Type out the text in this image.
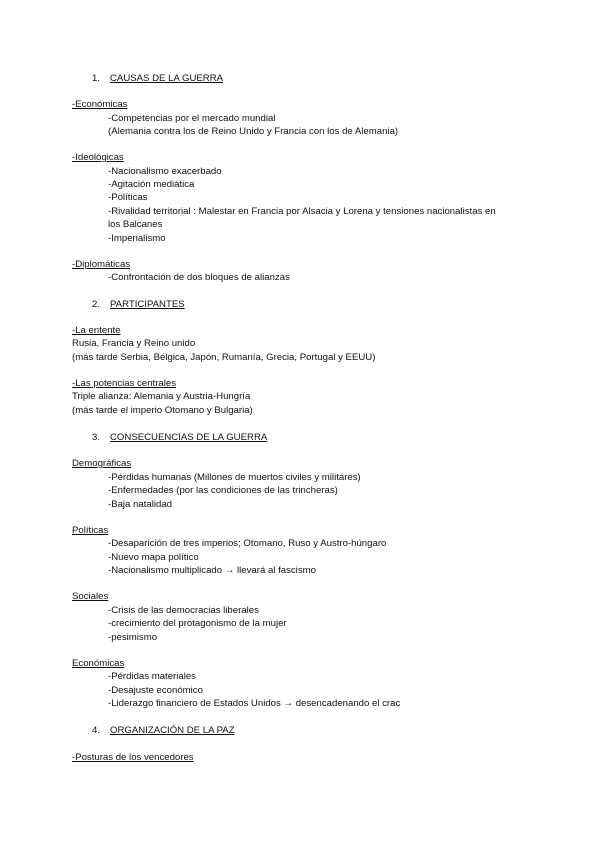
1. CAUSAS DE LA GUERRA
-Económicas
-Competencias por el mercado mundial
(Alemania contra los de Reino Unido y Francia con los de Alemania)
-Ideológicas
-Nacionalismo exacerbado
-Agitación mediática
-Políticas
-Rivalidad territorial : Malestar en Francia por Alsacia y Lorena y tensiones nacionalistas en
los Balcanes
-Imperialismo
-Diplomáticas
-Confrontación de dos bloques de alianzas
2. PARTICIPANTES
-La entente
Rusia, Francia y Reino unido
(más tarde Serbia, Bélgica, Japón, Rumanía, Grecia, Portugal y EEUU)
-Las potencias centrales
Triple alianza: Alemania y Austria-Hungría
(más tarde el imperio Otomano y Bulgaria)
3. CONSECUENCIAS DE LA GUERRA
Demográficas
-Pérdidas humanas (Millones de muertos civiles y militares)
-Enfermedades (por las condiciones de las trincheras)
-Baja natalidad
Políticas
-Desaparición de tres imperios; Otomano, Ruso y Austro-húngaro
-Nuevo mapa político
-Nacionalismo multiplicado → llevará al fascismo
Sociales
-Crisis de las democracias liberales
-crecimiento del protagonismo de la mujer
-pesimismo
Económicas
-Pérdidas materiales
-Desajuste económico
-Liderazgo financiero de Estados Unidos → desencadenando el crac
4. ORGANIZACIÓN DE LA PAZ
-Posturas de los vencedores
